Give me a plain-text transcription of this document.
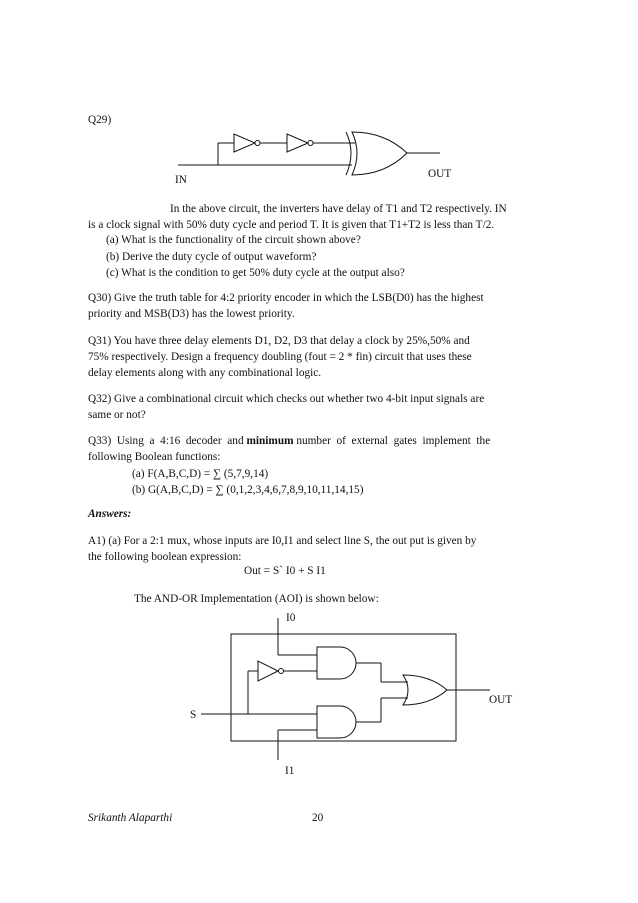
Q29)
IN	OUT
In the above circuit, the inverters have delay of T1 and T2 respectively. IN
is a clock signal with 50% duty cycle and period T. It is given that T1+T2 is less than T/2.
(a) What is the functionality of the circuit shown above?
(b) Derive the duty cycle of output waveform?
(c) What is the condition to get 50% duty cycle at the output also?
Q30) Give the truth table for 4:2 priority encoder in which the LSB(D0) has the highest
priority and MSB(D3) has the lowest priority.
Q31) You have three delay elements D1, D2, D3 that delay a clock by 25%,50% and
75% respectively. Design a frequency doubling (fout = 2 * fin) circuit that uses these
delay elements along with any combinational logic.
Q32) Give a combinational circuit which checks out whether two 4-bit input signals are
same or not?
Q33)  Using  a  4:16  decoder  and minimum number  of  external  gates  implement  the
following Boolean functions:
(a) F(A,B,C,D) = ∑ (5,7,9,14)
(b) G(A,B,C,D) = ∑ (0,1,2,3,4,6,7,8,9,10,11,14,15)
Answers:
A1) (a) For a 2:1 mux, whose inputs are I0,I1 and select line S, the out put is given by
the following boolean expression:
Out = S` I0 + S I1
The AND-OR Implementation (AOI) is shown below:
I0
S
OUT
I1
Srikanth Alaparthi	20
